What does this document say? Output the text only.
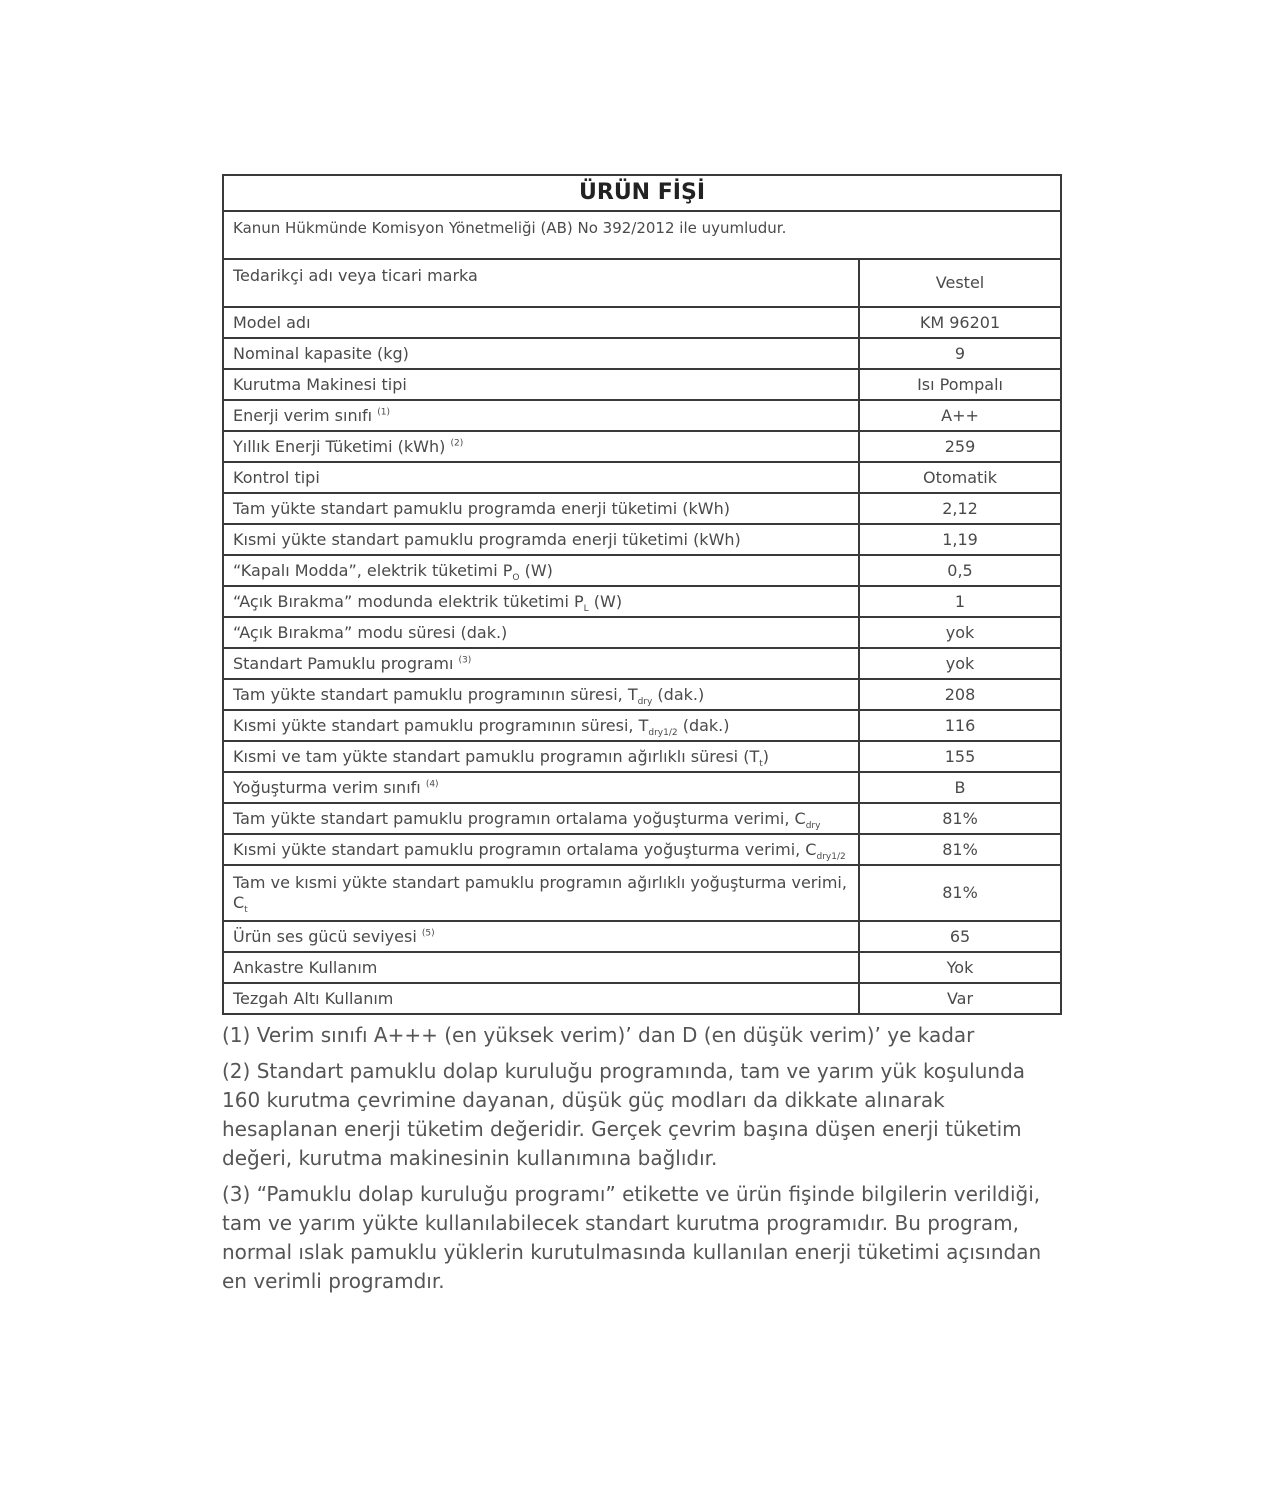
ÜRÜN FİŞİ	
Kanun Hükmünde Komisyon Yönetmeliği (AB) No 392/2012 ile uyumludur.	
Tedarikçi adı veya ticari marka	Vestel
Model adı	KM 96201
Nominal kapasite (kg)	9
Kurutma Makinesi tipi	Isı Pompalı
Enerji verim sınıfı $^{(1)}$	A++
Yıllık Enerji Tüketimi (kWh) $^{(2)}$	259
Kontrol tipi	Otomatik
Tam yükte standart pamuklu programda enerji tüketimi (kWh)	2,12
Kısmi yükte standart pamuklu programda enerji tüketimi (kWh)	1,19
“Kapalı Modda”, elektrik tüketimi $P_O$ (W)	0,5
“Açık Bırakma” modunda elektrik tüketimi $P_L$ (W)	1
“Açık Bırakma” modu süresi (dak.)	yok
Standart Pamuklu programı $^{(3)}$	yok
Tam yükte standart pamuklu programının süresi, $T_{dry}$ (dak.)	208
Kısmi yükte standart pamuklu programının süresi, $T_{dry1/2}$ (dak.)	116
Kısmi ve tam yükte standart pamuklu programın ağırlıklı süresi $(T_t)$	155
Yoğuşturma verim sınıfı $^{(4)}$	B
Tam yükte standart pamuklu programın ortalama yoğuşturma verimi, $C_{dry}$	81%
Kısmi yükte standart pamuklu programın ortalama yoğuşturma verimi, $C_{dry1/2}$	81%
Tam ve kısmi yükte standart pamuklu programın ağırlıklı yoğuşturma verimi,
$C_t$	81%
Ürün ses gücü seviyesi $^{(5)}$	65
Ankastre Kullanım	Yok
Tezgah Altı Kullanım	Var

(1) Verim sınıfı A+++ (en yüksek verim)’ dan D (en düşük verim)’ ye kadar

(2) Standart pamuklu dolap kuruluğu programında, tam ve yarım yük koşulunda 160 kurutma çevrimine dayanan, düşük güç modları da dikkate alınarak hesaplanan enerji tüketim değeridir. Gerçek çevrim başına düşen enerji tüketim değeri, kurutma makinesinin kullanımına bağlıdır.

(3) “Pamuklu dolap kuruluğu programı” etikette ve ürün fişinde bilgilerin verildiği, tam ve yarım yükte kullanılabilecek standart kurutma programıdır. Bu program, normal ıslak pamuklu yüklerin kurutulmasında kullanılan enerji tüketimi açısından en verimli programdır.
